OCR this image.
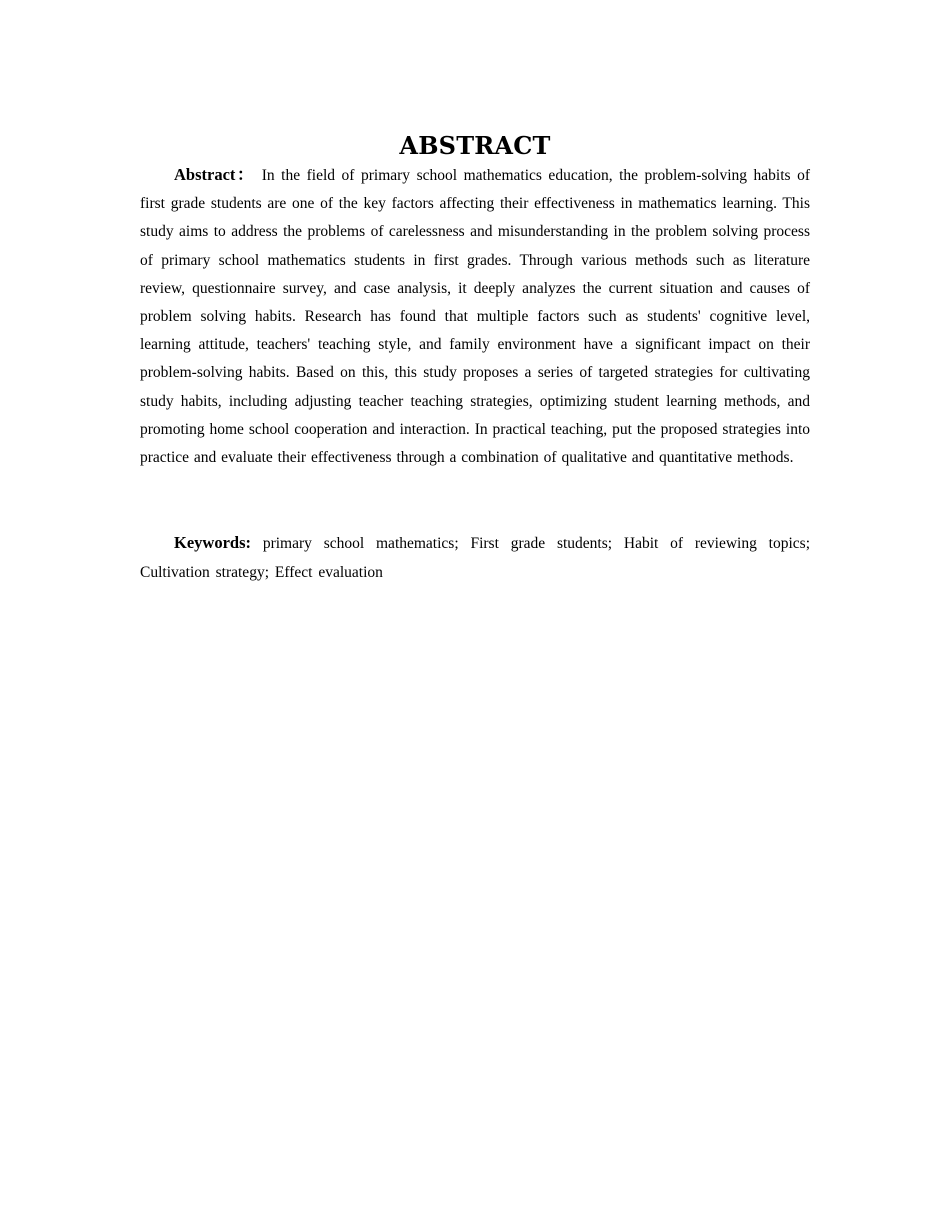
ABSTRACT

Abstract： In the field of primary school mathematics education, the problem-solving habits of first grade students are one of the key factors affecting their effectiveness in mathematics learning. This study aims to address the problems of carelessness and misunderstanding in the problem solving process of primary school mathematics students in first grades. Through various methods such as literature review, questionnaire survey, and case analysis, it deeply analyzes the current situation and causes of problem solving habits. Research has found that multiple factors such as students' cognitive level, learning attitude, teachers' teaching style, and family environment have a significant impact on their problem-solving habits. Based on this, this study proposes a series of targeted strategies for cultivating study habits, including adjusting teacher teaching strategies, optimizing student learning methods, and promoting home school cooperation and interaction. In practical teaching, put the proposed strategies into practice and evaluate their effectiveness through a combination of qualitative and quantitative methods.

Keywords: primary school mathematics; First grade students; Habit of reviewing topics; Cultivation strategy; Effect evaluation
